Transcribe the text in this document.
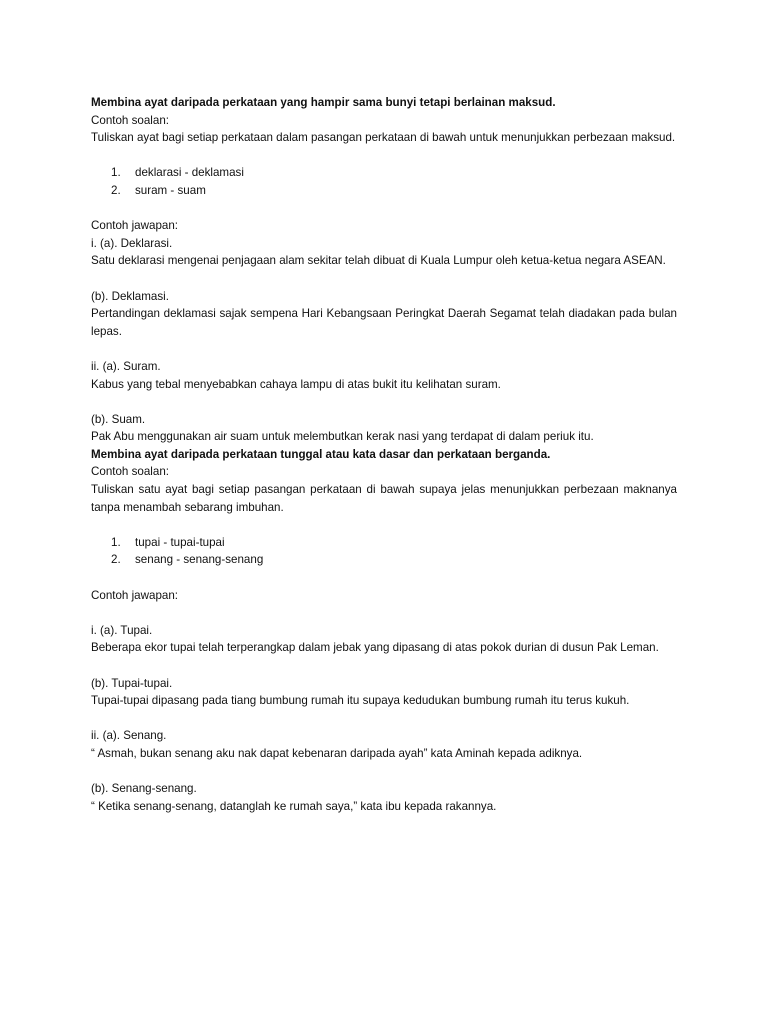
Membina ayat daripada perkataan yang hampir sama bunyi tetapi berlainan maksud.
Contoh soalan:
Tuliskan ayat bagi setiap perkataan dalam pasangan perkataan di bawah untuk menunjukkan perbezaan maksud.
1.	deklarasi - deklamasi
2.	suram - suam
Contoh jawapan:
i. (a). Deklarasi.
Satu deklarasi mengenai penjagaan alam sekitar telah dibuat di Kuala Lumpur oleh ketua-ketua negara ASEAN.
(b). Deklamasi.
Pertandingan deklamasi sajak sempena Hari Kebangsaan Peringkat Daerah Segamat telah diadakan pada bulan lepas.
ii. (a). Suram.
Kabus yang tebal menyebabkan cahaya lampu di atas bukit itu kelihatan suram.
(b). Suam.
Pak Abu menggunakan air suam untuk melembutkan kerak nasi yang terdapat di dalam periuk itu.
Membina ayat daripada perkataan tunggal atau kata dasar dan perkataan berganda.
Contoh soalan:
Tuliskan satu ayat bagi setiap pasangan perkataan di bawah supaya jelas menunjukkan perbezaan maknanya tanpa menambah sebarang imbuhan.
1.	tupai - tupai-tupai
2.	senang - senang-senang
Contoh jawapan:
i. (a). Tupai.
Beberapa ekor tupai telah terperangkap dalam jebak yang dipasang di atas pokok durian di dusun Pak Leman.
(b). Tupai-tupai.
Tupai-tupai dipasang pada tiang bumbung rumah itu supaya kedudukan bumbung rumah itu terus kukuh.
ii. (a). Senang.
“ Asmah, bukan senang aku nak dapat kebenaran daripada ayah” kata Aminah kepada adiknya.
(b). Senang-senang.
“ Ketika senang-senang, datanglah ke rumah saya,” kata ibu kepada rakannya.
